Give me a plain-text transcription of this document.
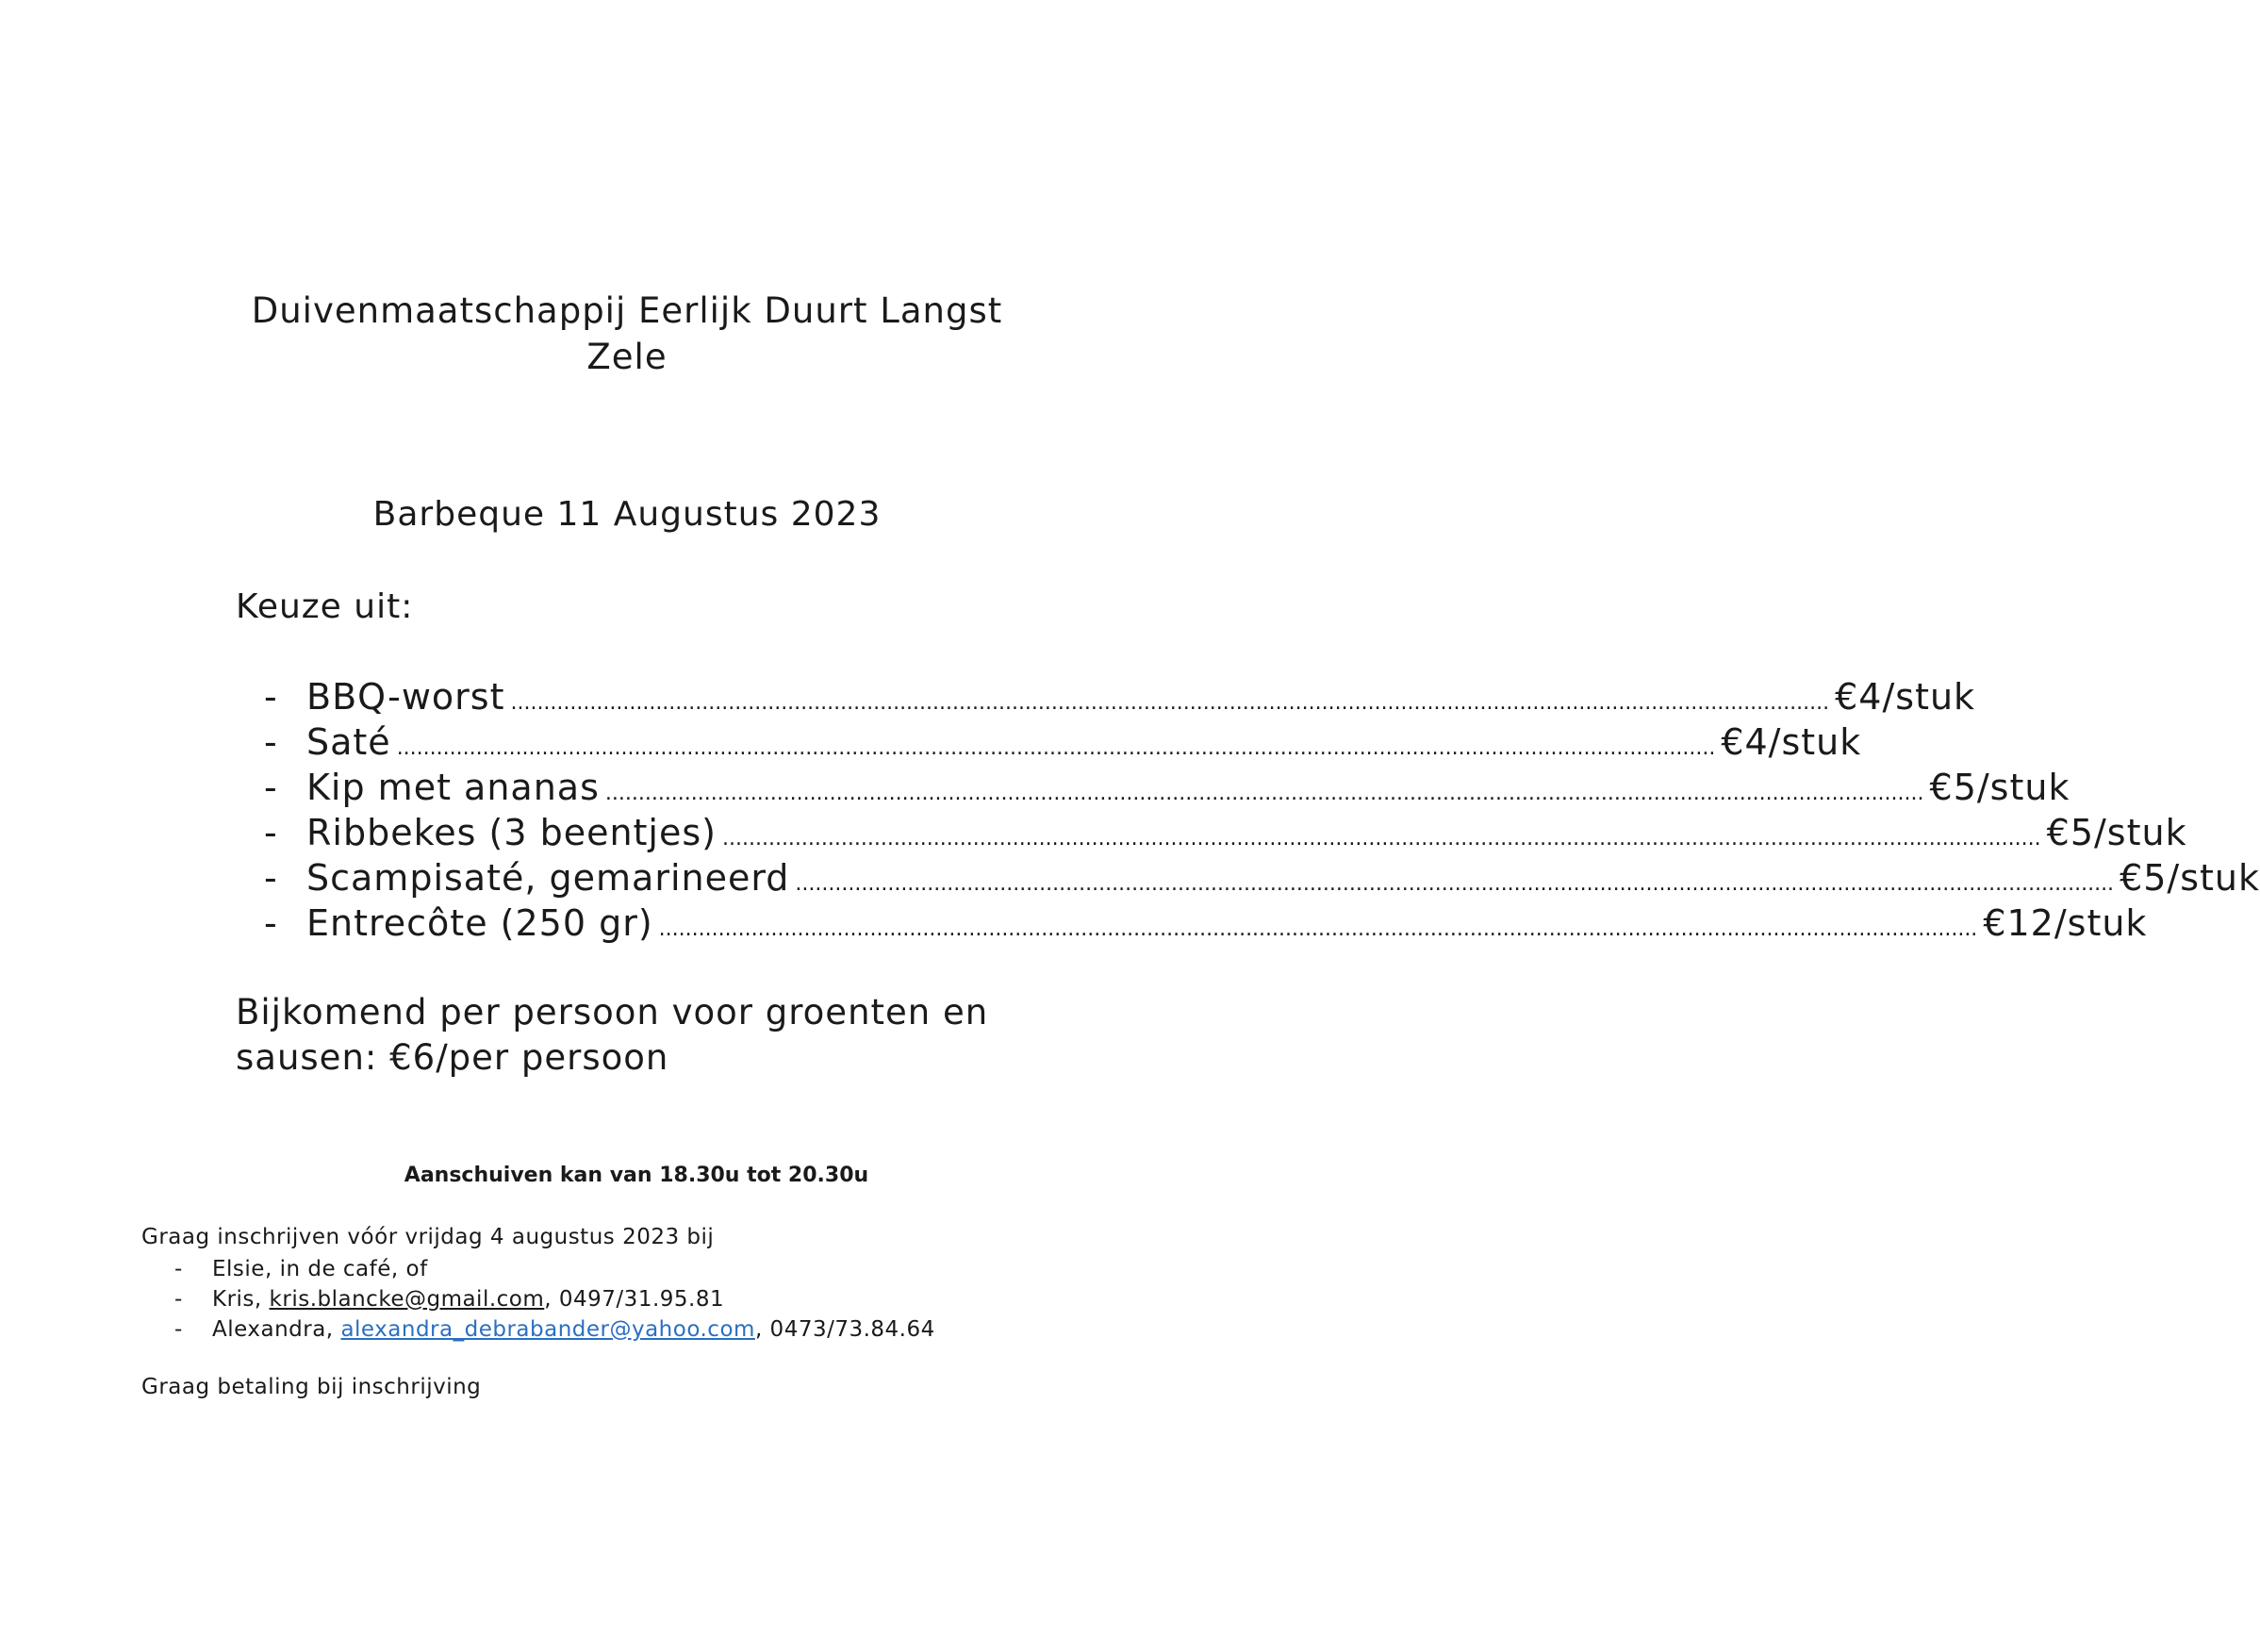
Duivenmaatschappij Eerlijk Duurt Langst
Zele
Barbeque 11 Augustus 2023
Keuze uit:
- BBQ-worst ........................................................................................................................................................................................................ €4/stuk
- Saté ........................................................................................................................................................................................................ €4/stuk
- Kip met ananas ........................................................................................................................................................................................................ €5/stuk
- Ribbekes (3 beentjes) ........................................................................................................................................................................................................ €5/stuk
- Scampisaté, gemarineerd ........................................................................................................................................................................................................ €5/stuk
- Entrecôte (250 gr) ........................................................................................................................................................................................................ €12/stuk
Bijkomend per persoon voor groenten en sausen: €6/per persoon
Aanschuiven kan van 18.30u tot 20.30u
Graag inschrijven vóór vrijdag 4 augustus 2023 bij
-	Elsie, in de café, of
-	Kris, kris.blancke@gmail.com, 0497/31.95.81
-	Alexandra, alexandra_debrabander@yahoo.com, 0473/73.84.64
Graag betaling bij inschrijving
